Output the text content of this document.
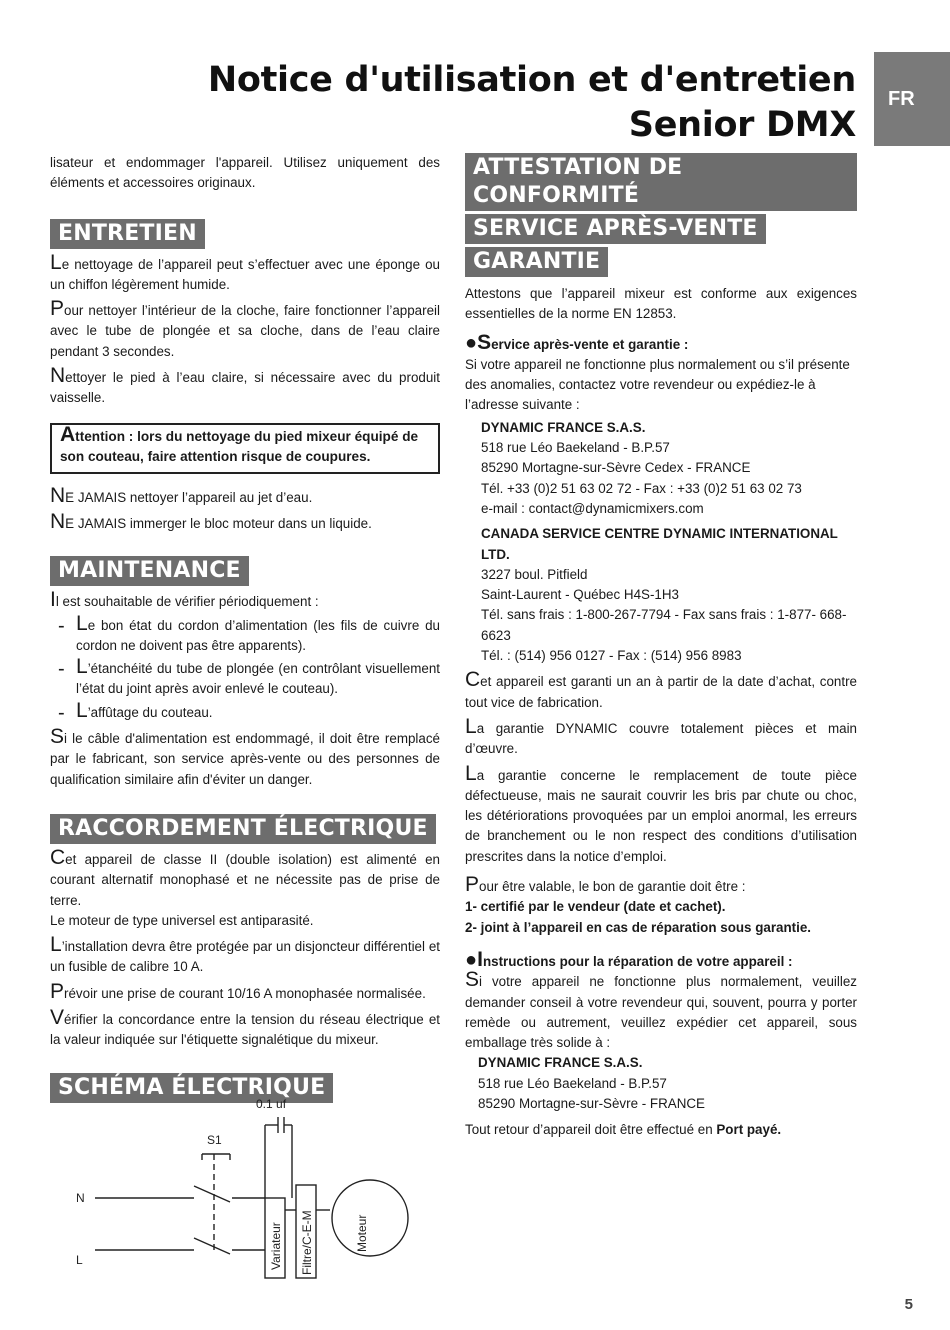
Notice d'utilisation et d'entretien
Senior DMX
FR

lisateur et endommager l'appareil. Utilisez uniquement des éléments et accessoires originaux.

ENTRETIEN

Le nettoyage de l’appareil peut s’effectuer avec une éponge ou un chiffon légèrement humide.

Pour nettoyer l’intérieur de la cloche, faire fonctionner l’appareil avec le tube de plongée et sa cloche, dans de l’eau claire pendant 3 secondes.

Nettoyer le pied à l’eau claire, si nécessaire avec du produit vaisselle.

Attention : lors du nettoyage du pied mixeur équipé de son couteau, faire attention risque de coupures.

NE JAMAIS nettoyer l’appareil au jet d’eau.

NE JAMAIS immerger le bloc moteur dans un liquide.

MAINTENANCE

Il est souhaitable de vérifier périodiquement :

- Le bon état du cordon d’alimentation (les fils de cuivre du cordon ne doivent pas être apparents).
- L’étanchéité du tube de plongée (en contrôlant visuellement l’état du joint après avoir enlevé le couteau).
- L’affûtage du couteau.

Si le câble d'alimentation est endommagé, il doit être remplacé par le fabricant, son service après-vente ou des personnes de qualification similaire afin d'éviter un danger.

RACCORDEMENT ÉLECTRIQUE

Cet appareil de classe II (double isolation) est alimenté en courant alternatif monophasé et ne nécessite pas de prise de terre.

Le moteur de type universel est antiparasité.

L’installation devra être protégée par un disjoncteur différentiel et un fusible de calibre 10 A.

Prévoir une prise de courant 10/16 A monophasée normalisée.

Vérifier la concordance entre la tension du réseau électrique et la valeur indiquée sur l'étiquette signalétique du mixeur.

SCHÉMA ÉLECTRIQUE
0.1 uf
S1
N
L	Variateur Filtre/C-E-M	Moteur
ATTESTATION DE CONFORMITÉ
SERVICE APRÈS-VENTE
GARANTIE

Attestons que l’appareil mixeur est conforme aux exigences essentielles de la norme EN 12853.

●Service après-vente et garantie :

Si votre appareil ne fonctionne plus normalement ou s’il présente des anomalies, contactez votre revendeur ou expédiez-le à l’adresse suivante :

DYNAMIC FRANCE S.A.S.

518 rue Léo Baekeland - B.P.57

85290 Mortagne-sur-Sèvre Cedex - FRANCE

Tél. +33 (0)2 51 63 02 72 - Fax : +33 (0)2 51 63 02 73

e-mail : contact@dynamicmixers.com

CANADA SERVICE CENTRE DYNAMIC INTERNATIONAL LTD.

3227 boul. Pitfield

Saint-Laurent - Québec H4S-1H3

Tél. sans frais : 1-800-267-7794 - Fax sans frais : 1-877- 668-6623

Tél. : (514) 956 0127 - Fax : (514) 956 8983

Cet appareil est garanti un an à partir de la date d’achat, contre tout vice de fabrication.

La garantie DYNAMIC couvre totalement pièces et main d’œuvre.

La garantie concerne le remplacement de toute pièce défectueuse, mais ne saurait couvrir les bris par chute ou choc, les détériorations provoquées par un emploi anormal, les erreurs de branchement ou le non respect des conditions d’utilisation prescrites dans la notice d’emploi.

Pour être valable, le bon de garantie doit être :

1- certifié par le vendeur (date et cachet).

2- joint à l’appareil en cas de réparation sous garantie.

●Instructions pour la réparation de votre appareil :

Si votre appareil ne fonctionne plus normalement, veuillez demander conseil à votre revendeur qui, souvent, pourra y porter remède ou autrement, veuillez expédier cet appareil, sous emballage très solide à :

DYNAMIC FRANCE S.A.S.

518 rue Léo Baekeland - B.P.57

85290 Mortagne-sur-Sèvre - FRANCE

Tout retour d’appareil doit être effectué en Port payé.

5
